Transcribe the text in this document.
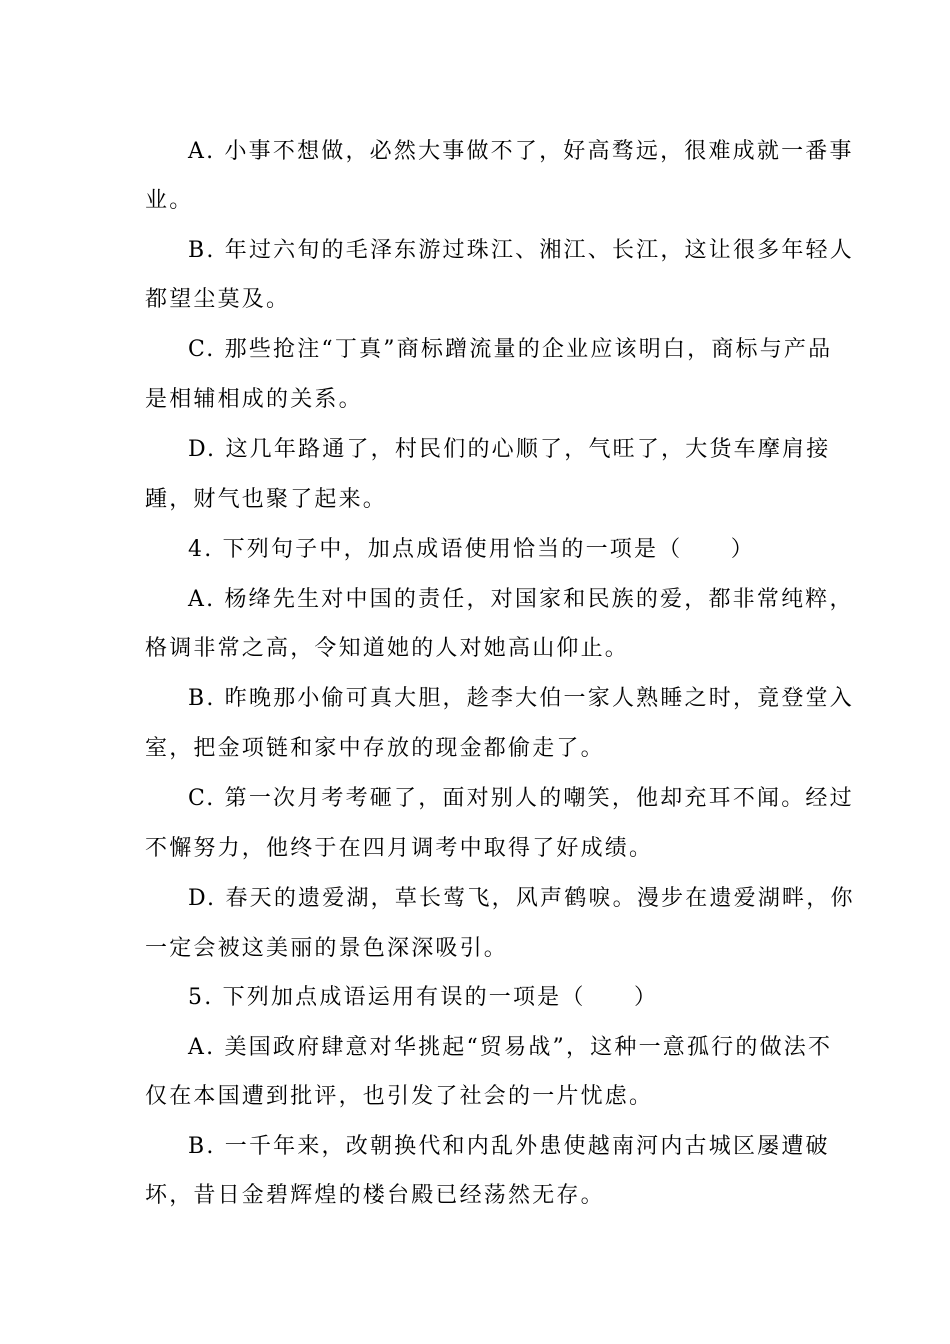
A. 小事不想做，必然大事做不了，好高骛远，很难成就一番事
业。
B. 年过六旬的毛泽东游过珠江、湘江、长江，这让很多年轻人
都望尘莫及。
C. 那些抢注“丁真”商标蹭流量的企业应该明白，商标与产品
是相辅相成的关系。
D. 这几年路通了，村民们的心顺了，气旺了，大货车摩肩接
踵，财气也聚了起来。
4. 下列句子中，加点成语使用恰当的一项是（　　）
A. 杨绛先生对中国的责任，对国家和民族的爱，都非常纯粹，
格调非常之高，令知道她的人对她高山仰止。
B. 昨晚那小偷可真大胆，趁李大伯一家人熟睡之时，竟登堂入
室，把金项链和家中存放的现金都偷走了。
C. 第一次月考考砸了，面对别人的嘲笑，他却充耳不闻。经过
不懈努力，他终于在四月调考中取得了好成绩。
D. 春天的遗爱湖，草长莺飞，风声鹤唳。漫步在遗爱湖畔，你
一定会被这美丽的景色深深吸引。
5. 下列加点成语运用有误的一项是（　　）
A. 美国政府肆意对华挑起“贸易战”，这种一意孤行的做法不
仅在本国遭到批评，也引发了社会的一片忧虑。
B. 一千年来，改朝换代和内乱外患使越南河内古城区屡遭破
坏，昔日金碧辉煌的楼台殿已经荡然无存。
